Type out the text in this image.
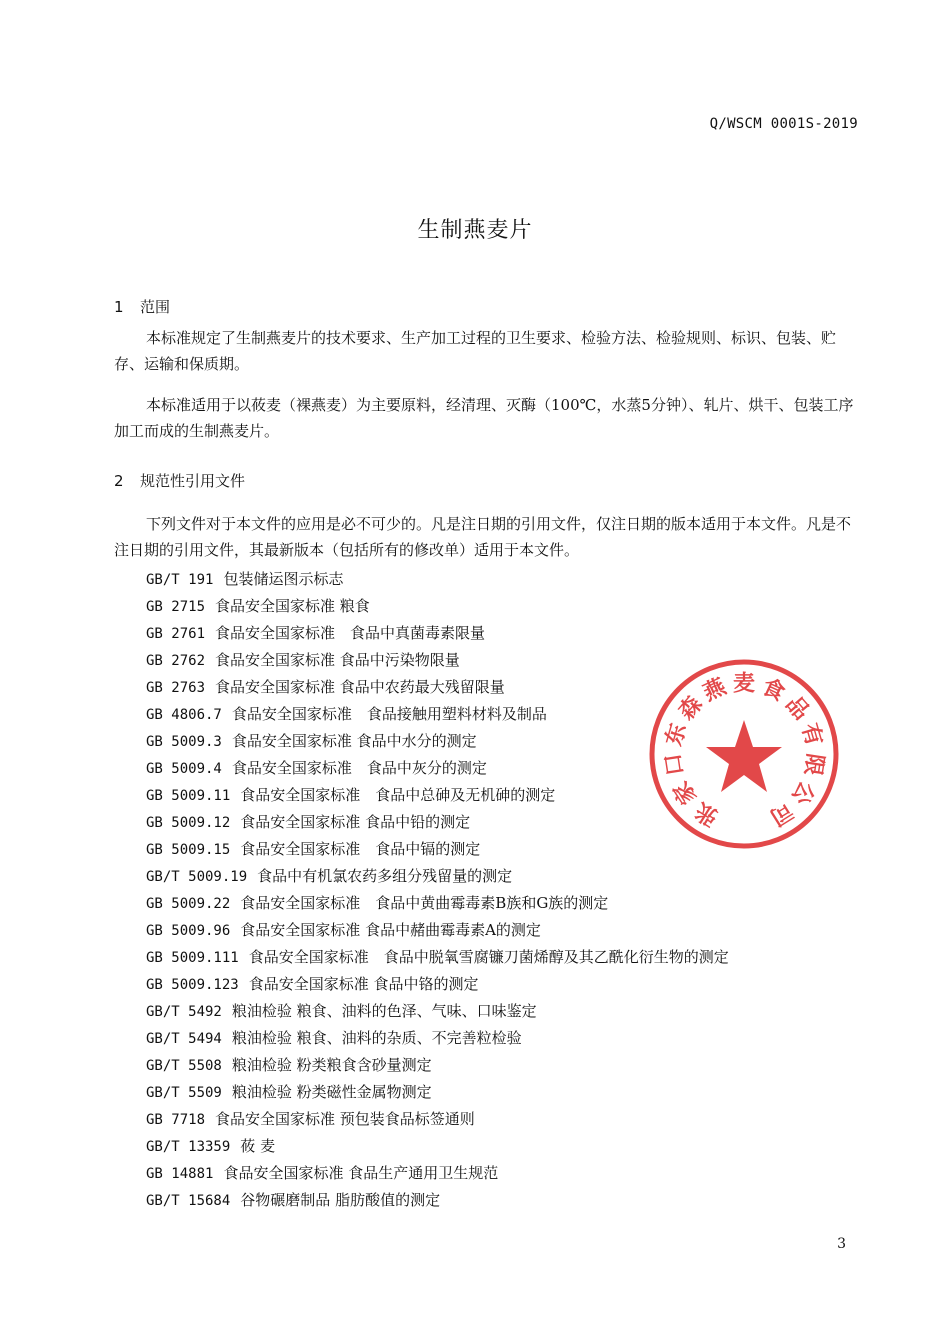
Q/WSCM 0001S-2019
生制燕麦片
1 范围

本标准规定了生制燕麦片的技术要求、生产加工过程的卫生要求、检验方法、检验规则、标识、包装、贮存、运输和保质期。

本标准适用于以莜麦（裸燕麦）为主要原料，经清理、灭酶（100℃，水蒸5分钟）、轧片、烘干、包装工序加工而成的生制燕麦片。

2 规范性引用文件

下列文件对于本文件的应用是必不可少的。凡是注日期的引用文件，仅注日期的版本适用于本文件。凡是不注日期的引用文件，其最新版本（包括所有的修改单）适用于本文件。

GB/T 191 包装储运图示标志
GB 2715 食品安全国家标准 粮食
GB 2761 食品安全国家标准　食品中真菌毒素限量
GB 2762 食品安全国家标准 食品中污染物限量
GB 2763 食品安全国家标准 食品中农药最大残留限量
GB 4806.7 食品安全国家标准　食品接触用塑料材料及制品
GB 5009.3 食品安全国家标准 食品中水分的测定
GB 5009.4 食品安全国家标准　食品中灰分的测定
GB 5009.11 食品安全国家标准　食品中总砷及无机砷的测定
GB 5009.12 食品安全国家标准 食品中铅的测定
GB 5009.15 食品安全国家标准　食品中镉的测定
GB/T 5009.19 食品中有机氯农药多组分残留量的测定
GB 5009.22 食品安全国家标准　食品中黄曲霉毒素B族和G族的测定
GB 5009.96 食品安全国家标准 食品中赭曲霉毒素A的测定
GB 5009.111 食品安全国家标准　食品中脱氧雪腐镰刀菌烯醇及其乙酰化衍生物的测定
GB 5009.123 食品安全国家标准 食品中铬的测定
GB/T 5492 粮油检验 粮食、油料的色泽、气味、口味鉴定
GB/T 5494 粮油检验 粮食、油料的杂质、不完善粒检验
GB/T 5508 粮油检验 粉类粮食含砂量测定
GB/T 5509 粮油检验 粉类磁性金属物测定
GB 7718 食品安全国家标准 预包装食品标签通则
GB/T 13359 莜 麦
GB 14881 食品安全国家标准 食品生产通用卫生规范
GB/T 15684 谷物碾磨制品 脂肪酸值的测定
张
家
口
东
森
燕 麦 食
品
有
限
公
司
3
